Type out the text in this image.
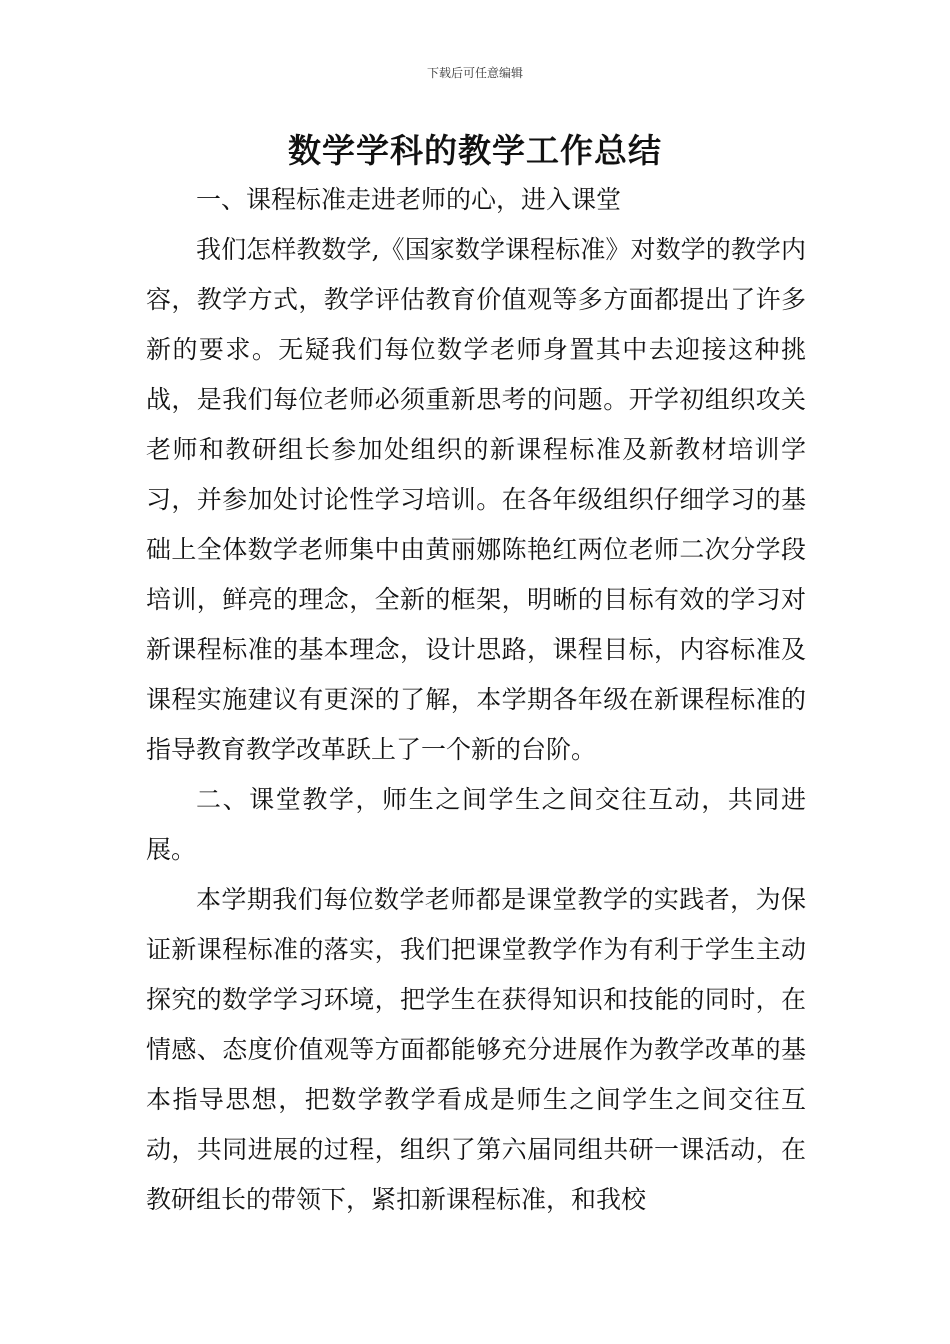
下载后可任意编辑
数学学科的教学工作总结

一、课程标准走进老师的心，进入课堂

我们怎样教数学,《国家数学课程标准》对数学的教学内容，教学方式，教学评估教育价值观等多方面都提出了许多新的要求。无疑我们每位数学老师身置其中去迎接这种挑战，是我们每位老师必须重新思考的问题。开学初组织攻关老师和教研组长参加处组织的新课程标准及新教材培训学习，并参加处讨论性学习培训。在各年级组织仔细学习的基础上全体数学老师集中由黄丽娜陈艳红两位老师二次分学段培训，鲜亮的理念，全新的框架，明晰的目标有效的学习对新课程标准的基本理念，设计思路，课程目标，内容标准及课程实施建议有更深的了解，本学期各年级在新课程标准的指导教育教学改革跃上了一个新的台阶。

二、课堂教学，师生之间学生之间交往互动，共同进展。

本学期我们每位数学老师都是课堂教学的实践者，为保证新课程标准的落实，我们把课堂教学作为有利于学生主动探究的数学学习环境，把学生在获得知识和技能的同时，在情感、态度价值观等方面都能够充分进展作为教学改革的基本指导思想，把数学教学看成是师生之间学生之间交往互动，共同进展的过程，组织了第六届同组共研一课活动，在教研组长的带领下，紧扣新课程标准，和我校
